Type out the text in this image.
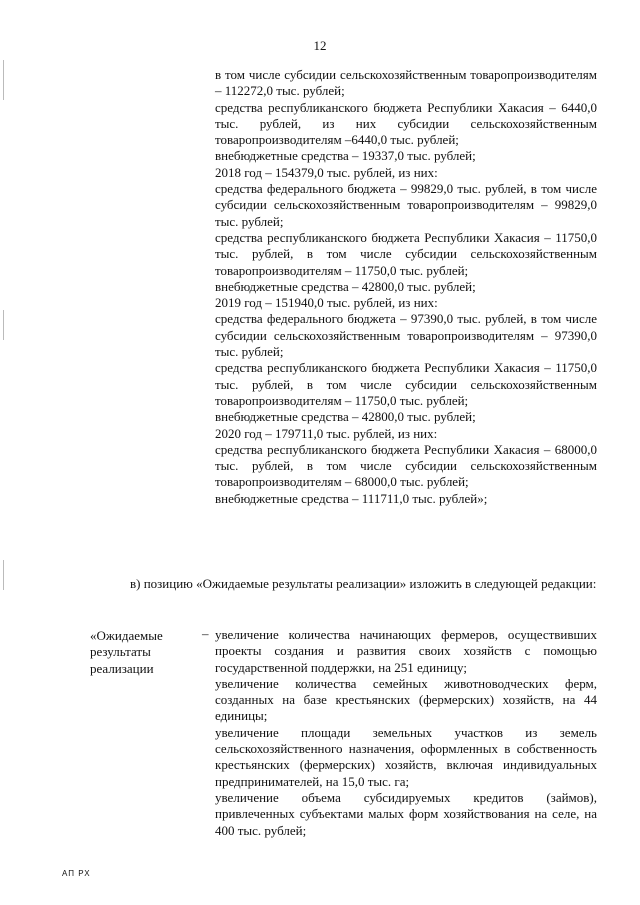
12

в том числе субсидии сельскохозяйственным товаропроизводителям – 112272,0 тыс. рублей;

средства республиканского бюджета Республики Хакасия – 6440,0 тыс. рублей, из них субсидии сельскохозяйственным товаропроизводителям –6440,0 тыс. рублей;

внебюджетные средства – 19337,0 тыс. рублей;

2018 год – 154379,0 тыс. рублей, из них:

средства федерального бюджета – 99829,0 тыс. рублей, в том числе субсидии сельскохозяйственным товаропроизводителям – 99829,0 тыс. рублей;

средства республиканского бюджета Республики Хакасия – 11750,0 тыс. рублей, в том числе субсидии сельскохозяйственным товаропроизводителям – 11750,0 тыс. рублей;

внебюджетные средства – 42800,0 тыс. рублей;

2019 год – 151940,0 тыс. рублей, из них:

средства федерального бюджета – 97390,0 тыс. рублей, в том числе субсидии сельскохозяйственным товаропроизводителям – 97390,0 тыс. рублей;

средства республиканского бюджета Республики Хакасия – 11750,0 тыс. рублей, в том числе субсидии сельскохозяйственным товаропроизводителям – 11750,0 тыс. рублей;

внебюджетные средства – 42800,0 тыс. рублей;

2020 год – 179711,0 тыс. рублей, из них:

средства республиканского бюджета Республики Хакасия – 68000,0 тыс. рублей, в том числе субсидии сельскохозяйственным товаропроизводителям – 68000,0 тыс. рублей;

внебюджетные средства – 111711,0 тыс. рублей»;

в) позицию «Ожидаемые результаты реализации» изложить в следующей редакции:

«Ожидаемые

результаты

реализации

– увеличение количества начинающих фермеров, осуществивших проекты создания и развития своих хозяйств с помощью государственной поддержки, на 251 единицу;

увеличение количества семейных животноводческих ферм, созданных на базе крестьянских (фермерских) хозяйств, на 44 единицы;

увеличение площади земельных участков из земель сельскохозяйственного назначения, оформленных в собственность крестьянских (фермерских) хозяйств, включая индивидуальных предпринимателей, на 15,0 тыс. га;

увеличение объема субсидируемых кредитов (займов), привлеченных субъектами малых форм хозяйствования на селе, на 400 тыс. рублей;

АП РХ
